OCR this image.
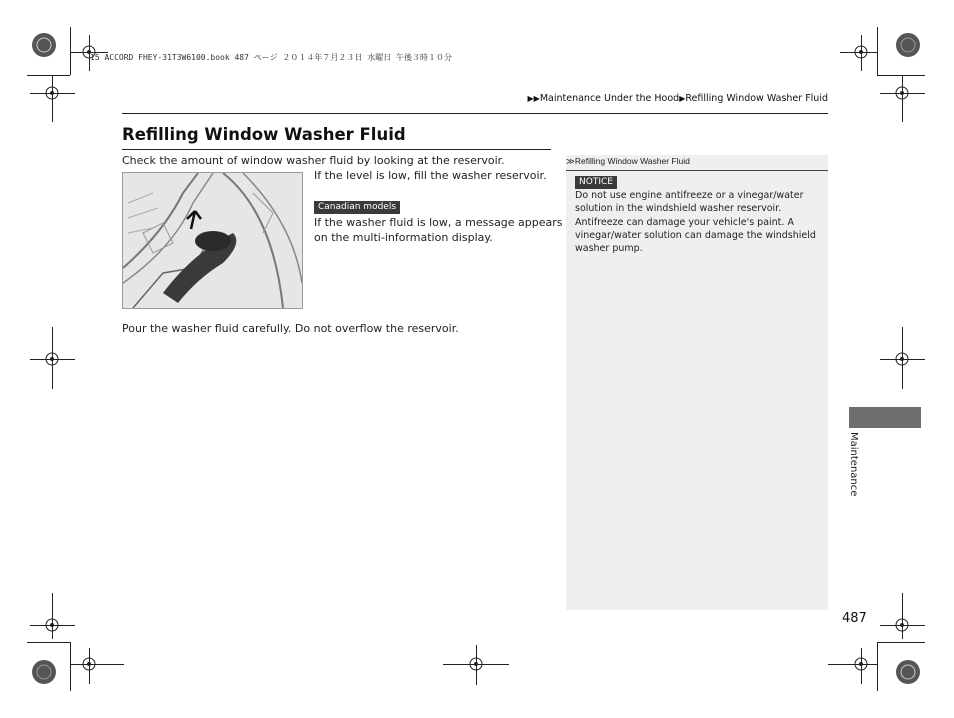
15 ACCORD FHEY-31T3W6100.book 487 ページ ２０１４年７月２３日 水曜日 午後３時１０分
▶▶Maintenance Under the Hood▶Refilling Window Washer Fluid
Refilling Window Washer Fluid
Check the amount of window washer fluid by looking at the reservoir.
If the level is low, fill the washer reservoir.
Canadian models
If the washer fluid is low, a message appears
on the multi-information display.
Pour the washer fluid carefully. Do not overflow the reservoir.
≫Refilling Window Washer Fluid
NOTICE
Do not use engine antifreeze or a vinegar/water
solution in the windshield washer reservoir.
Antifreeze can damage your vehicle's paint. A
vinegar/water solution can damage the windshield
washer pump.
Maintenance
487
